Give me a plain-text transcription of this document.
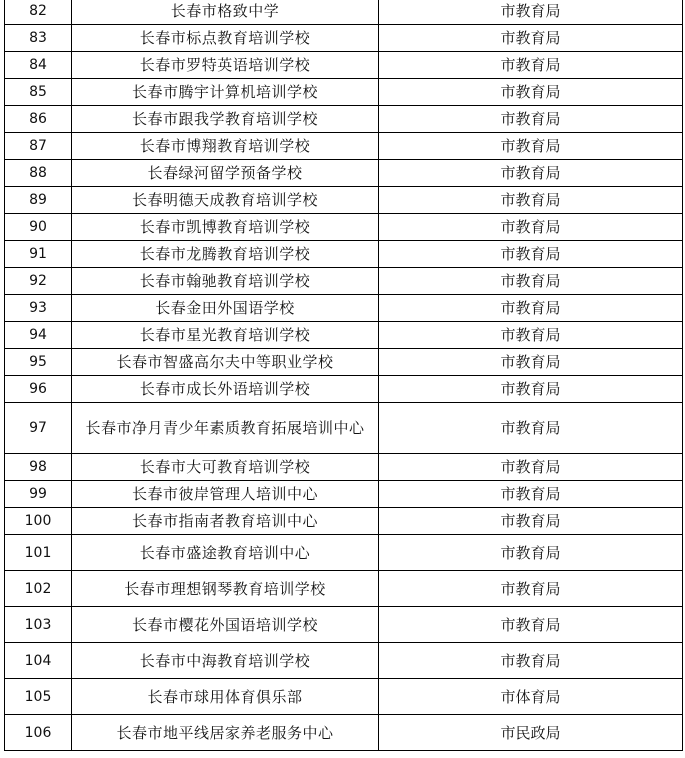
82	长春市格致中学	市教育局
83	长春市标点教育培训学校	市教育局
84	长春市罗特英语培训学校	市教育局
85	长春市腾宇计算机培训学校	市教育局
86	长春市跟我学教育培训学校	市教育局
87	长春市博翔教育培训学校	市教育局
88	长春绿河留学预备学校	市教育局
89	长春明德天成教育培训学校	市教育局
90	长春市凯博教育培训学校	市教育局
91	长春市龙腾教育培训学校	市教育局
92	长春市翰驰教育培训学校	市教育局
93	长春金田外国语学校	市教育局
94	长春市星光教育培训学校	市教育局
95	长春市智盛高尔夫中等职业学校	市教育局
96	长春市成长外语培训学校	市教育局
97	长春市净月青少年素质教育拓展培训中心	市教育局
98	长春市大可教育培训学校	市教育局
99	长春市彼岸管理人培训中心	市教育局
100	长春市指南者教育培训中心	市教育局
101	长春市盛途教育培训中心	市教育局
102	长春市理想钢琴教育培训学校	市教育局
103	长春市樱花外国语培训学校	市教育局
104	长春市中海教育培训学校	市教育局
105	长春市球用体育俱乐部	市体育局
106	长春市地平线居家养老服务中心	市民政局
